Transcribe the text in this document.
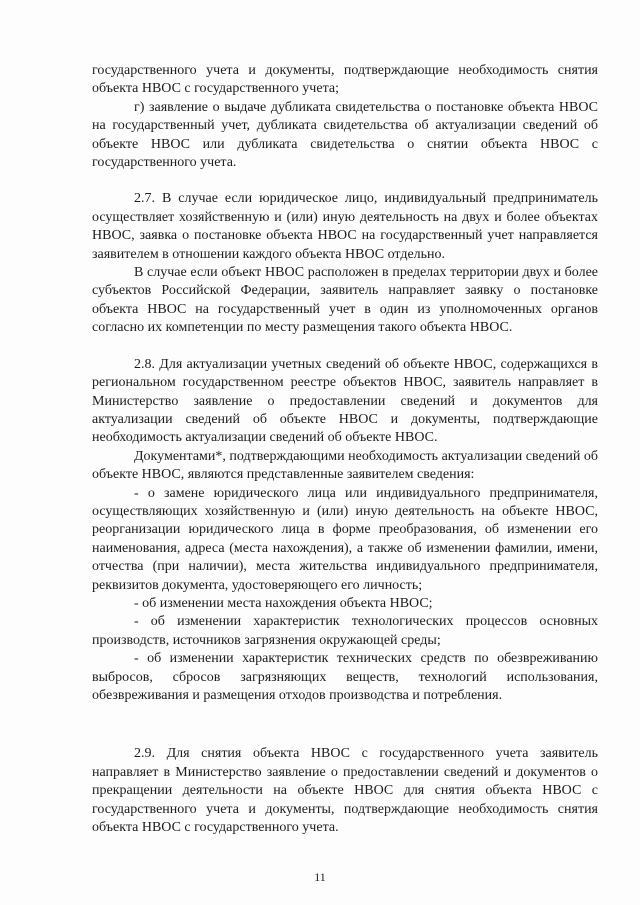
государственного учета и документы, подтверждающие необходимость снятия объекта НВОС с государственного учета;

г) заявление о выдаче дубликата свидетельства о постановке объекта НВОС на государственный учет, дубликата свидетельства об актуализации сведений об объекте НВОС или дубликата свидетельства о снятии объекта НВОС с государственного учета.

2.7. В случае если юридическое лицо, индивидуальный предприниматель осуществляет хозяйственную и (или) иную деятельность на двух и более объектах НВОС, заявка о постановке объекта НВОС на государственный учет направляется заявителем в отношении каждого объекта НВОС отдельно.

В случае если объект НВОС расположен в пределах территории двух и более субъектов Российской Федерации, заявитель направляет заявку о постановке объекта НВОС на государственный учет в один из уполномоченных органов согласно их компетенции по месту размещения такого объекта НВОС.

2.8. Для актуализации учетных сведений об объекте НВОС, содержащихся в региональном государственном реестре объектов НВОС, заявитель направляет в Министерство заявление о предоставлении сведений и документов для актуализации сведений об объекте НВОС и документы, подтверждающие необходимость актуализации сведений об объекте НВОС.

Документами*, подтверждающими необходимость актуализации сведений об объекте НВОС, являются представленные заявителем сведения:

- о замене юридического лица или индивидуального предпринимателя, осуществляющих хозяйственную и (или) иную деятельность на объекте НВОС, реорганизации юридического лица в форме преобразования, об изменении его наименования, адреса (места нахождения), а также об изменении фамилии, имени, отчества (при наличии), места жительства индивидуального предпринимателя, реквизитов документа, удостоверяющего его личность;

- об изменении места нахождения объекта НВОС;

- об изменении характеристик технологических процессов основных производств, источников загрязнения окружающей среды;

- об изменении характеристик технических средств по обезвреживанию выбросов, сбросов загрязняющих веществ, технологий использования, обезвреживания и размещения отходов производства и потребления.

2.9. Для снятия объекта НВОС с государственного учета заявитель направляет в Министерство заявление о предоставлении сведений и документов о прекращении деятельности на объекте НВОС для снятия объекта НВОС с государственного учета и документы, подтверждающие необходимость снятия объекта НВОС с государственного учета.

11
